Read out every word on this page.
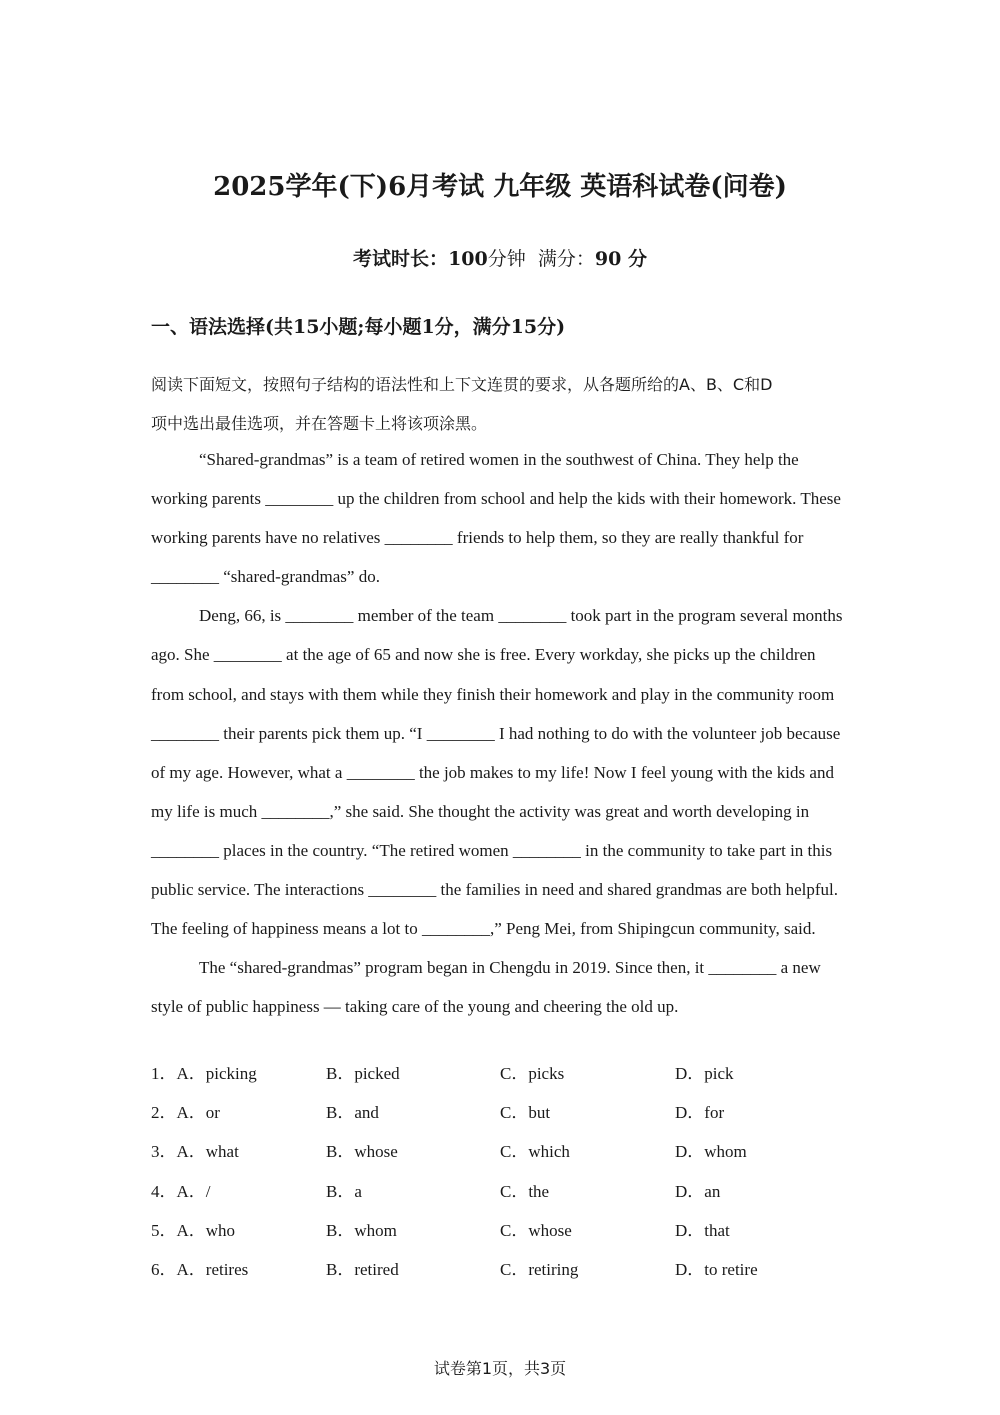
2025学年(下)6月考试 九年级 英语科试卷(问卷)
考试时长：100分钟 满分：90 分
一、语法选择(共15小题;每小题1分，满分15分)
阅读下面短文，按照句子结构的语法性和上下文连贯的要求，从各题所给的A、B、C和D
项中选出最佳选项，并在答题卡上将该项涂黑。

“Shared-grandmas” is a team of retired women in the southwest of China. They help the working parents ________ up the children from school and help the kids with their homework. These working parents have no relatives ________ friends to help them, so they are really thankful for ________ “shared-grandmas” do.

Deng, 66, is ________ member of the team ________ took part in the program several months ago. She ________ at the age of 65 and now she is free. Every workday, she picks up the children from school, and stays with them while they finish their homework and play in the community room ________ their parents pick them up. “I ________ I had nothing to do with the volunteer job because of my age. However, what a ________ the job makes to my life! Now I feel young with the kids and my life is much ________,” she said. She thought the activity was great and worth developing in ________ places in the country. “The retired women ________ in the community to take part in this public service. The interactions ________ the families in need and shared grandmas are both helpful. The feeling of happiness means a lot to ________,” Peng Mei, from Shipingcun community, said.

The “shared-grandmas” program began in Chengdu in 2019. Since then, it ________ a new style of public happiness — taking care of the young and cheering the old up.

1．A．picking	B．picked	C．picks	D．pick
2．A．or	B．and	C．but	D．for
3．A．what	B．whose	C．which	D．whom
4．A．/	B．a	C．the	D．an
5．A．who	B．whom	C．whose	D．that
6．A．retires	B．retired	C．retiring	D．to retire
试卷第1页，共3页
